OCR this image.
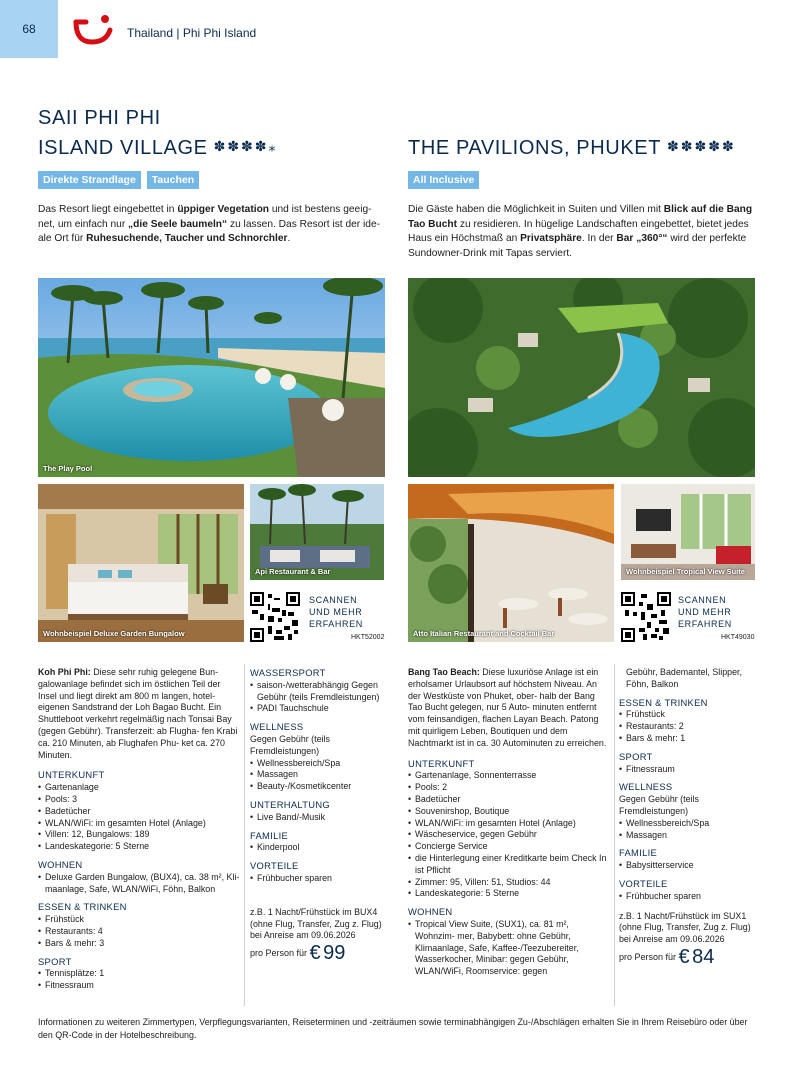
68	Thailand | Phi Phi Island
SAII PHI PHI
ISLAND VILLAGE ✽✽✽✽⁎
Direkte Strandlage	Tauchen
Das Resort liegt eingebettet in üppiger Vegetation und ist bestens geeig- net, um einfach nur „die Seele baumeln“ zu lassen. Das Resort ist der ide- ale Ort für Ruhesuchende, Taucher und Schnorchler.
The Play Pool
Wohnbeispiel Deluxe Garden Bungalow
Api Restaurant & Bar
SCANNEN
UND MEHR
ERFAHREN
HKT52002
THE PAVILIONS, PHUKET ✽✽✽✽✽
All Inclusive
Die Gäste haben die Möglichkeit in Suiten und Villen mit Blick auf die Bang Tao Bucht zu residieren. In hügelige Landschaften eingebettet, bietet jedes Haus ein Höchstmaß an Privatsphäre. In der Bar „360°“ wird der perfekte Sundowner-Drink mit Tapas serviert.
Atto Italian Restaurant and Cocktail Bar
Wohnbeispiel Tropical View Suite
SCANNEN
UND MEHR
ERFAHREN
HKT49030

Koh Phi Phi: Diese sehr ruhig gelegene Bun- galowanlage befindet sich im östlichen Teil der Insel und liegt direkt am 800 m langen, hotel- eigenen Sandstrand der Loh Bagao Bucht. Ein Shuttleboot verkehrt regelmäßig nach Tonsai Bay (gegen Gebühr). Transferzeit: ab Flugha- fen Krabi ca. 210 Minuten, ab Flughafen Phu- ket ca. 270 Minuten.

UNTERKUNFT
• Gartenanlage
• Pools: 3
• Badetücher
• WLAN/WiFi: im gesamten Hotel (Anlage)
• Villen: 12, Bungalows: 189
• Landeskategorie: 5 Sterne
WOHNEN
• Deluxe Garden Bungalow, (BUX4), ca. 38 m², Kli- maanlage, Safe, WLAN/WiFi, Föhn, Balkon
ESSEN & TRINKEN
• Frühstück
• Restaurants: 4
• Bars & mehr: 3
SPORT
• Tennisplätze: 1
• Fitnessraum
WASSERSPORT
• saison-/wetterabhängig Gegen Gebühr (teils Fremdleistungen)
• PADI Tauchschule
WELLNESS
Gegen Gebühr (teils Fremdleistungen)
• Wellnessbereich/Spa
• Massagen
• Beauty-/Kosmetikcenter
UNTERHALTUNG
• Live Band/-Musik
FAMILIE
• Kinderpool
VORTEILE
• Frühbucher sparen
z.B. 1 Nacht/Frühstück im BUX4 (ohne Flug, Transfer, Zug z. Flug) bei Anreise am 09.06.2026
pro Person für € 99

Bang Tao Beach: Diese luxuriöse Anlage ist ein erholsamer Urlaubsort auf höchstem Niveau. An der Westküste von Phuket, ober- halb der Bang Tao Bucht gelegen, nur 5 Auto- minuten entfernt vom feinsandigen, flachen Layan Beach. Patong mit quirligem Leben, Boutiquen und dem Nachtmarkt ist in ca. 30 Autominuten zu erreichen.

UNTERKUNFT
• Gartenanlage, Sonnenterrasse
• Pools: 2
• Badetücher
• Souvenirshop, Boutique
• WLAN/WiFi: im gesamten Hotel (Anlage)
• Wäscheservice, gegen Gebühr
• Concierge Service
• die Hinterlegung einer Kreditkarte beim Check In ist Pflicht
• Zimmer: 95, Villen: 51, Studios: 44
• Landeskategorie: 5 Sterne
WOHNEN
• Tropical View Suite, (SUX1), ca. 81 m², Wohnzim- mer, Babybett: ohne Gebühr, Klimaanlage, Safe, Kaffee-/Teezubereiter, Wasserkocher, Minibar: gegen Gebühr, WLAN/WiFi, Roomservice: gegen
Gebühr, Bademantel, Slipper, Föhn, Balkon
ESSEN & TRINKEN
• Frühstück
• Restaurants: 2
• Bars & mehr: 1
SPORT
• Fitnessraum
WELLNESS
Gegen Gebühr (teils Fremdleistungen)
• Wellnessbereich/Spa
• Massagen
FAMILIE
• Babysitterservice
VORTEILE
• Frühbucher sparen
z.B. 1 Nacht/Frühstück im SUX1 (ohne Flug, Transfer, Zug z. Flug) bei Anreise am 09.06.2026
pro Person für € 84
Informationen zu weiteren Zimmertypen, Verpflegungsvarianten, Reiseterminen und -zeiträumen sowie terminabhängigen Zu-/Abschlägen erhalten Sie in Ihrem Reisebüro oder über den QR-Code in der Hotelbeschreibung.
